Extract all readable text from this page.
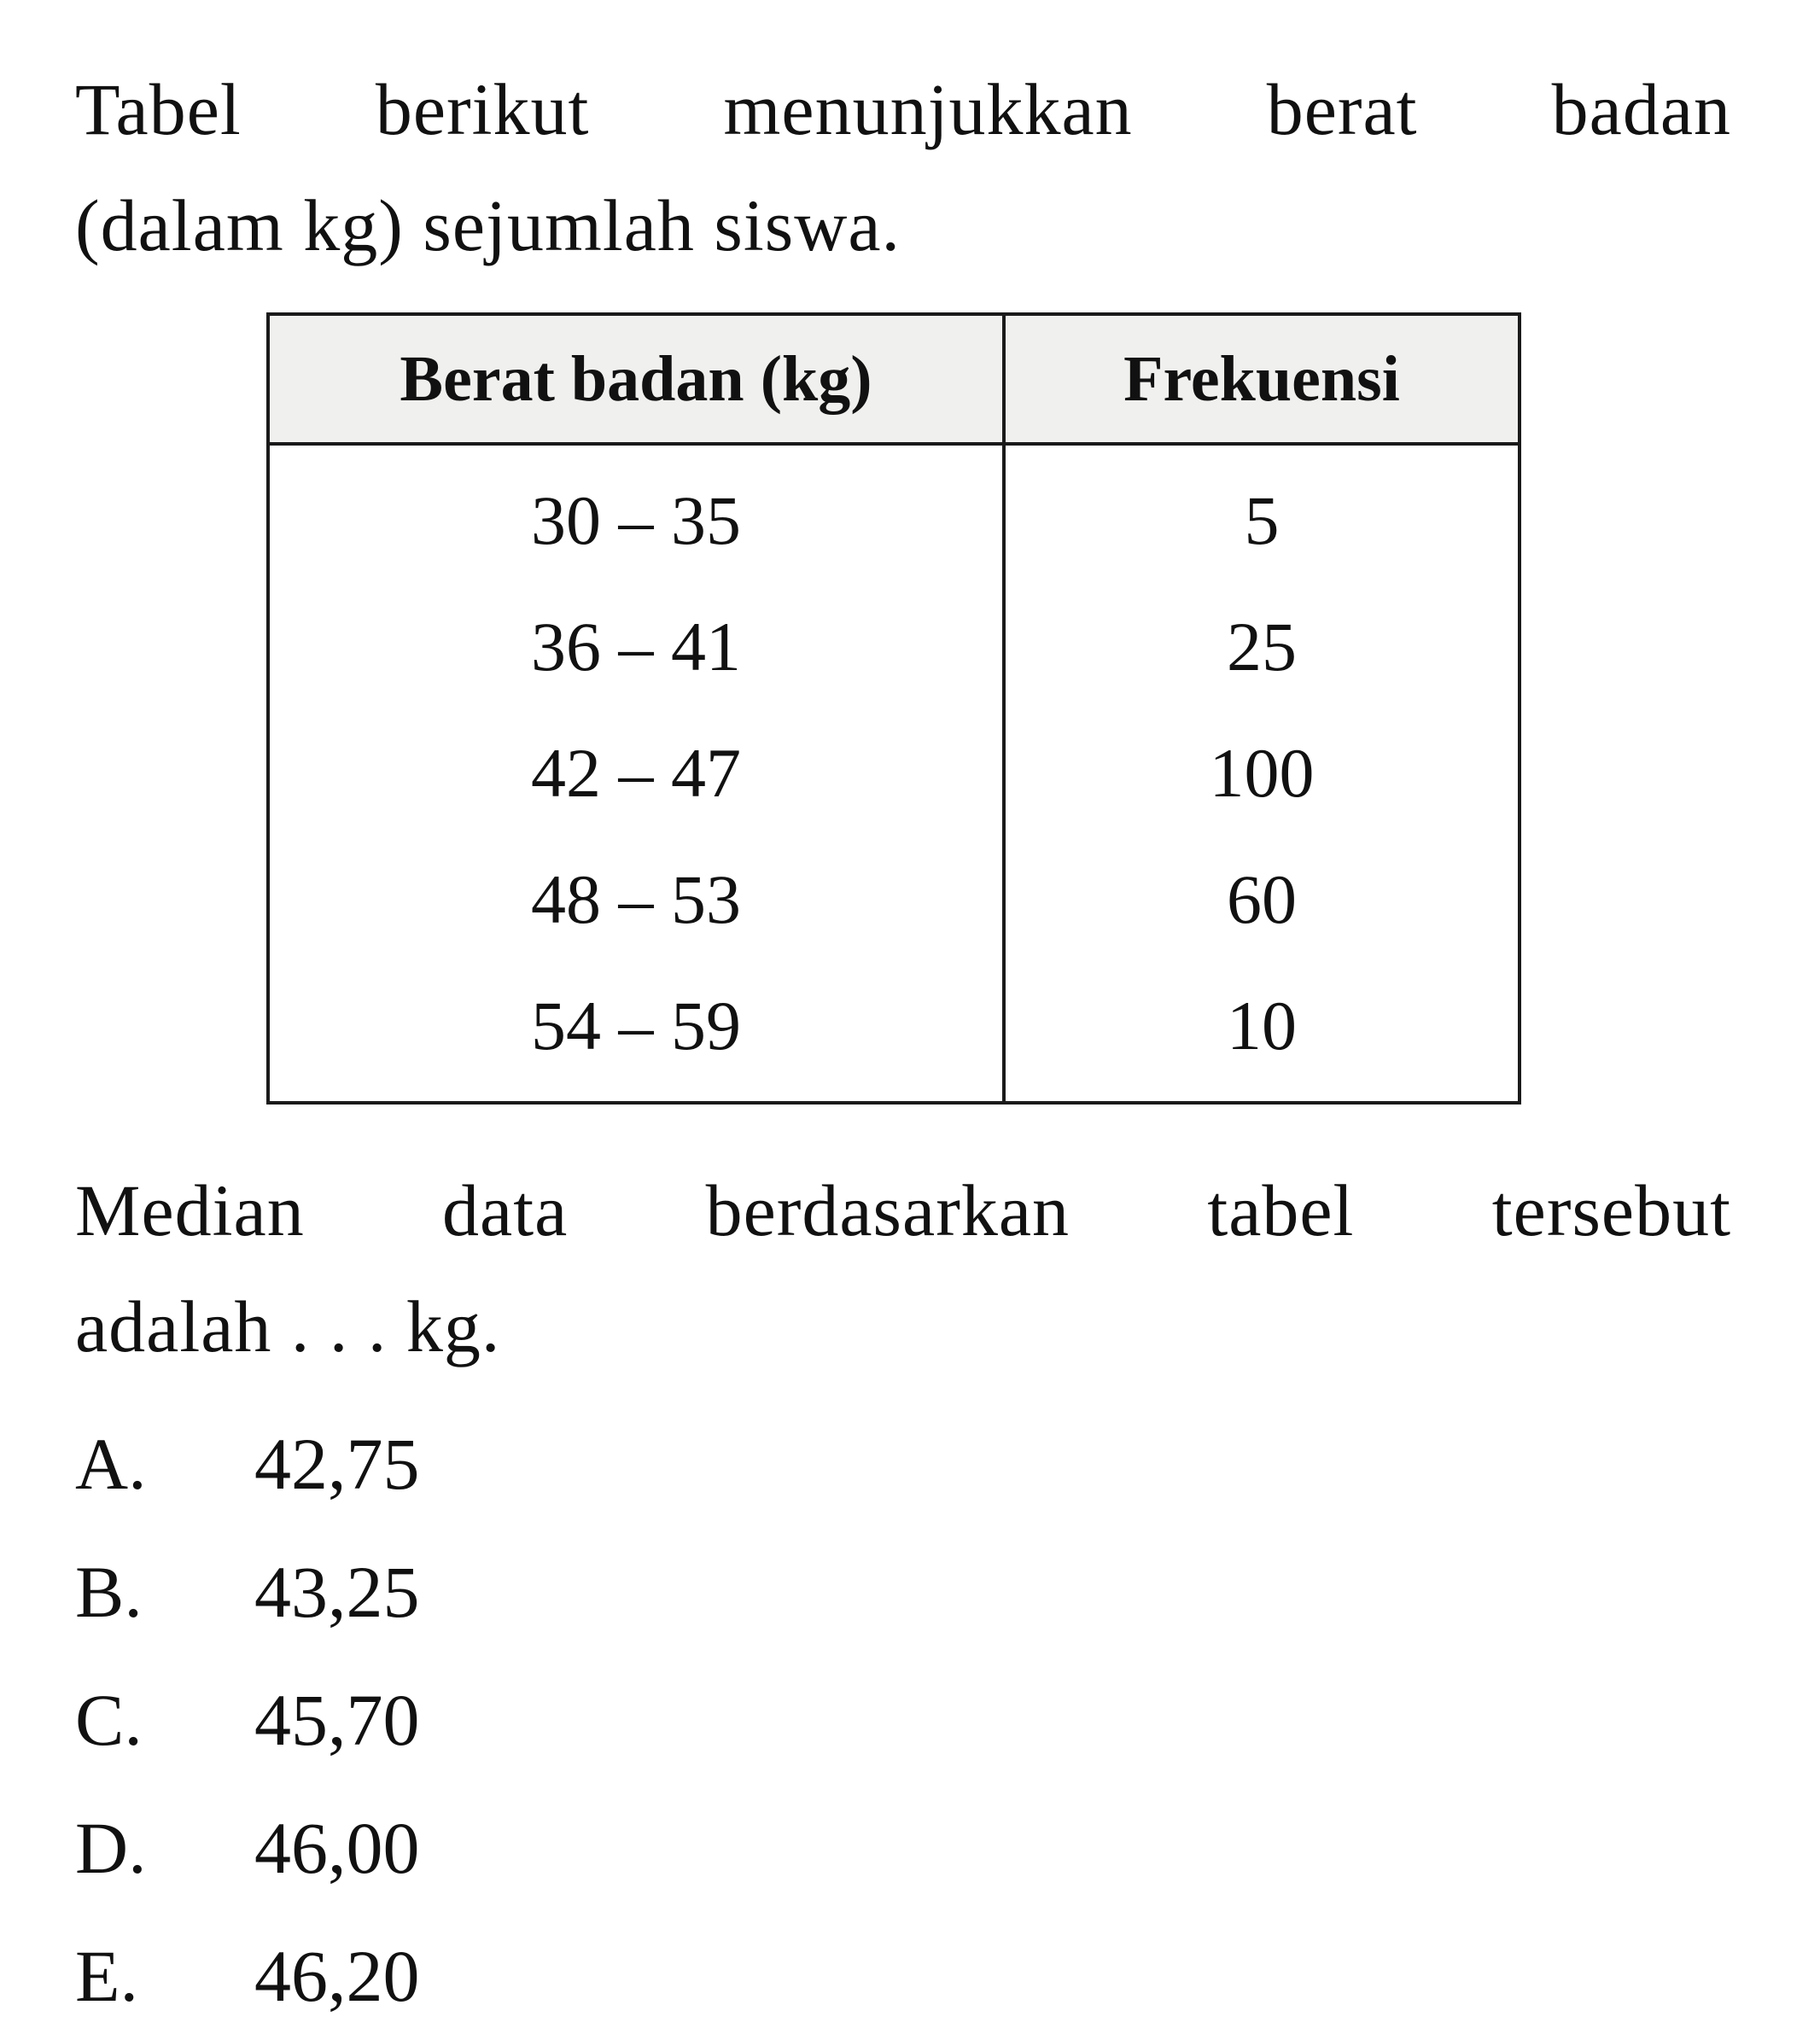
Tabel berikut menunjukkan berat badan
(dalam kg) sejumlah siswa.
Berat badan (kg)	Frekuensi
30 – 35	5
36 – 41	25
42 – 47	100
48 – 53	60
54 – 59	10
Median data berdasarkan tabel tersebut
adalah . . . kg.
A.	42,75
B.	43,25
C.	45,70
D.	46,00
E.	46,20
